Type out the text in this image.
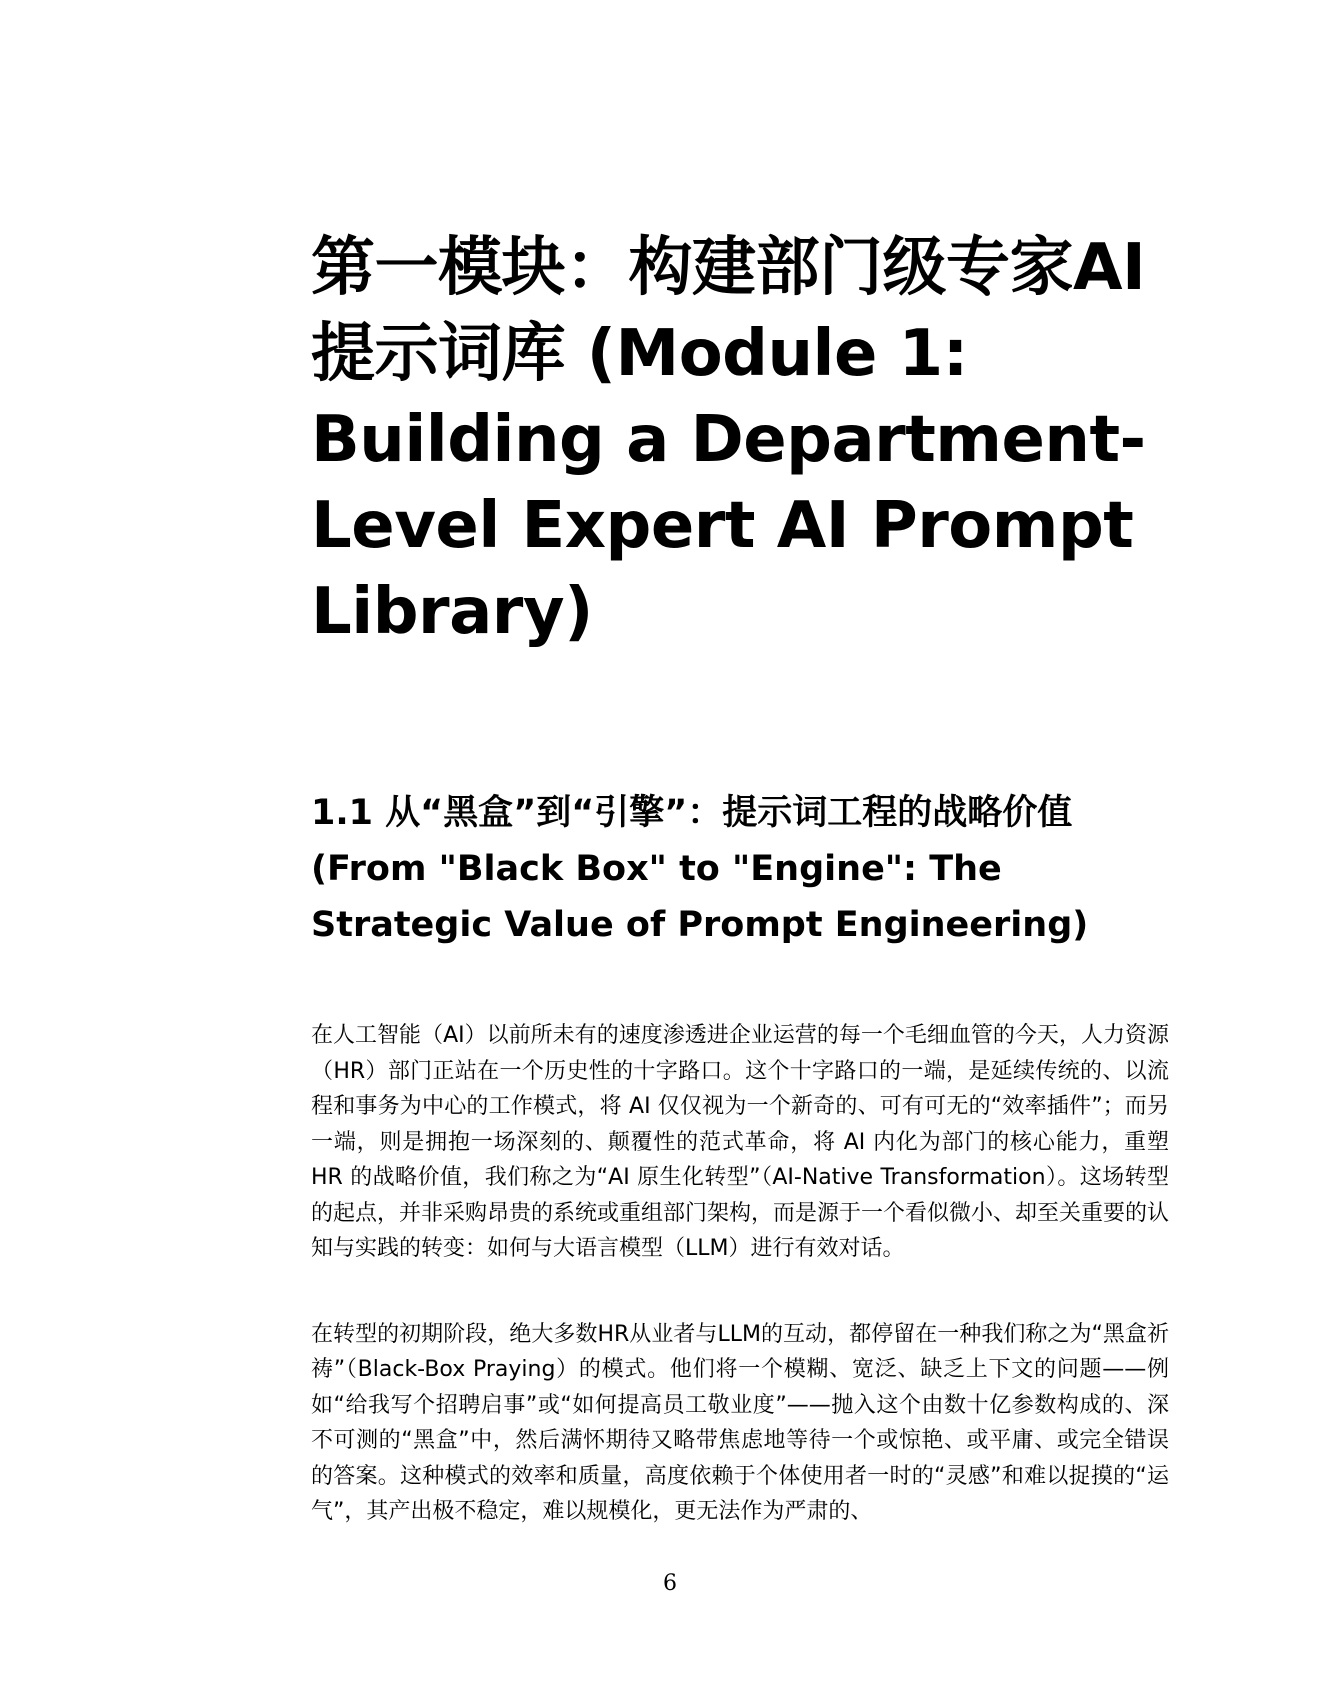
第一模块：构建部门级专家AI 提示词库 (Module 1: Building a Department-Level Expert AI Prompt Library)
1.1 从“黑盒”到“引擎”：提示词工程的战略价值 (From "Black Box" to "Engine": The Strategic Value of Prompt Engineering)

在人工智能（AI）以前所未有的速度渗透进企业运营的每一个毛细血管的今天，人力资源（HR）部门正站在一个历史性的十字路口。这个十字路口的一端，是延续传统的、以流程和事务为中心的工作模式，将 AI 仅仅视为一个新奇的、可有可无的“效率插件”；而另一端，则是拥抱一场深刻的、颠覆性的范式革命，将 AI 内化为部门的核心能力，重塑 HR 的战略价值，我们称之为“AI 原生化转型”（AI-Native Transformation）。这场转型的起点，并非采购昂贵的系统或重组部门架构，而是源于一个看似微小、却至关重要的认知与实践的转变：如何与大语言模型（LLM）进行有效对话。

在转型的初期阶段，绝大多数HR从业者与LLM的互动，都停留在一种我们称之为“黑盒祈祷”（Black-Box Praying）的模式。他们将一个模糊、宽泛、缺乏上下文的问题——例如“给我写个招聘启事”或“如何提高员工敬业度”——抛入这个由数十亿参数构成的、深不可测的“黑盒”中，然后满怀期待又略带焦虑地等待一个或惊艳、或平庸、或完全错误的答案。这种模式的效率和质量，高度依赖于个体使用者一时的“灵感”和难以捉摸的“运气”，其产出极不稳定，难以规模化，更无法作为严肃的、

6
